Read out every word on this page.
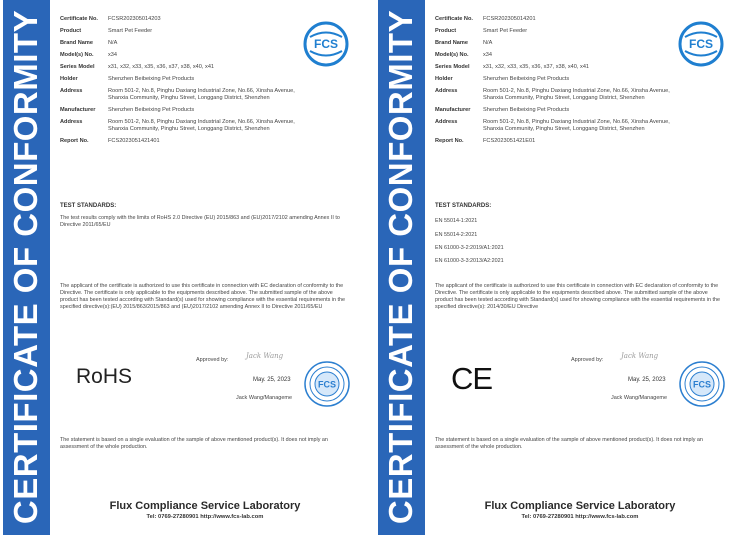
CERTIFICATE OF CONFORMITY	FCS
Certificate No.	FCSR202305014203
Product	Smart Pet Feeder
Brand Name	N/A
Model(s) No.	x34
Series Model	x31, x32, x33, x35, x36, x37, x38, x40, x41
Holder	Shenzhen Beibeixing Pet Products
Address	Room 501-2, No.8, Pinghu Daxiang Industrial Zone, No.66, Xinsha Avenue, Shanxia Community, Pinghu Street, Longgang District, Shenzhen
Manufacturer	Shenzhen Beibeixing Pet Products
Address	Room 501-2, No.8, Pinghu Daxiang Industrial Zone, No.66, Xinsha Avenue, Shanxia Community, Pinghu Street, Longgang District, Shenzhen
Report No.	FCS2023051421401
TEST STANDARDS:
The test results comply with the limits of RoHS 2.0 Directive (EU) 2015/863 and (EU)2017/2102 amending Annex II to Directive 2011/65/EU
The applicant of the certificate is authorized to use this certificate in connection with EC declaration of conformity to the Directive. The certificate is only applicable to the equipments described above. The submitted sample of the above product has been tested according with Standard(s) used for showing compliance with the essential requirements in the specified directive(s):(EU) 2015/863/2015/863 and (EU)2017/2102 amending Annex II to Directive 2011/65/EU
Approved by:	Jack Wang
RoHS	May. 25, 2023
Jack Wang/Manageme
FCS
The statement is based on a single evaluation of the sample of above mentioned product(s). It does not imply an assessment of the whole production.
Flux Compliance Service Laboratory
Tel: 0769-27280901 http://www.fcs-lab.com	CERTIFICATE OF CONFORMITY	FCS
Certificate No.	FCSR202305014201
Product	Smart Pet Feeder
Brand Name	N/A
Model(s) No.	x34
Series Model	x31, x32, x33, x35, x36, x37, x38, x40, x41
Holder	Shenzhen Beibeixing Pet Products
Address	Room 501-2, No.8, Pinghu Daxiang Industrial Zone, No.66, Xinsha Avenue, Shanxia Community, Pinghu Street, Longgang District, Shenzhen
Manufacturer	Shenzhen Beibeixing Pet Products
Address	Room 501-2, No.8, Pinghu Daxiang Industrial Zone, No.66, Xinsha Avenue, Shanxia Community, Pinghu Street, Longgang District, Shenzhen
Report No.	FCS2023051421E01
TEST STANDARDS:
EN 55014-1:2021
EN 55014-2:2021
EN 61000-3-2:2019/A1:2021
EN 61000-3-3:2013/A2:2021
The applicant of the certificate is authorized to use this certificate in connection with EC declaration of conformity to the Directive. The certificate is only applicable to the equipments described above. The submitted sample of the above product has been tested according with Standard(s) used for showing compliance with the essential requirements in the specified directive(s): 2014/30/EU Directive
Approved by:	Jack Wang
CE	May. 25, 2023
Jack Wang/Manageme
FCS
The statement is based on a single evaluation of the sample of above mentioned product(s). It does not imply an assessment of the whole production.
Flux Compliance Service Laboratory
Tel: 0769-27280901 http://www.fcs-lab.com
